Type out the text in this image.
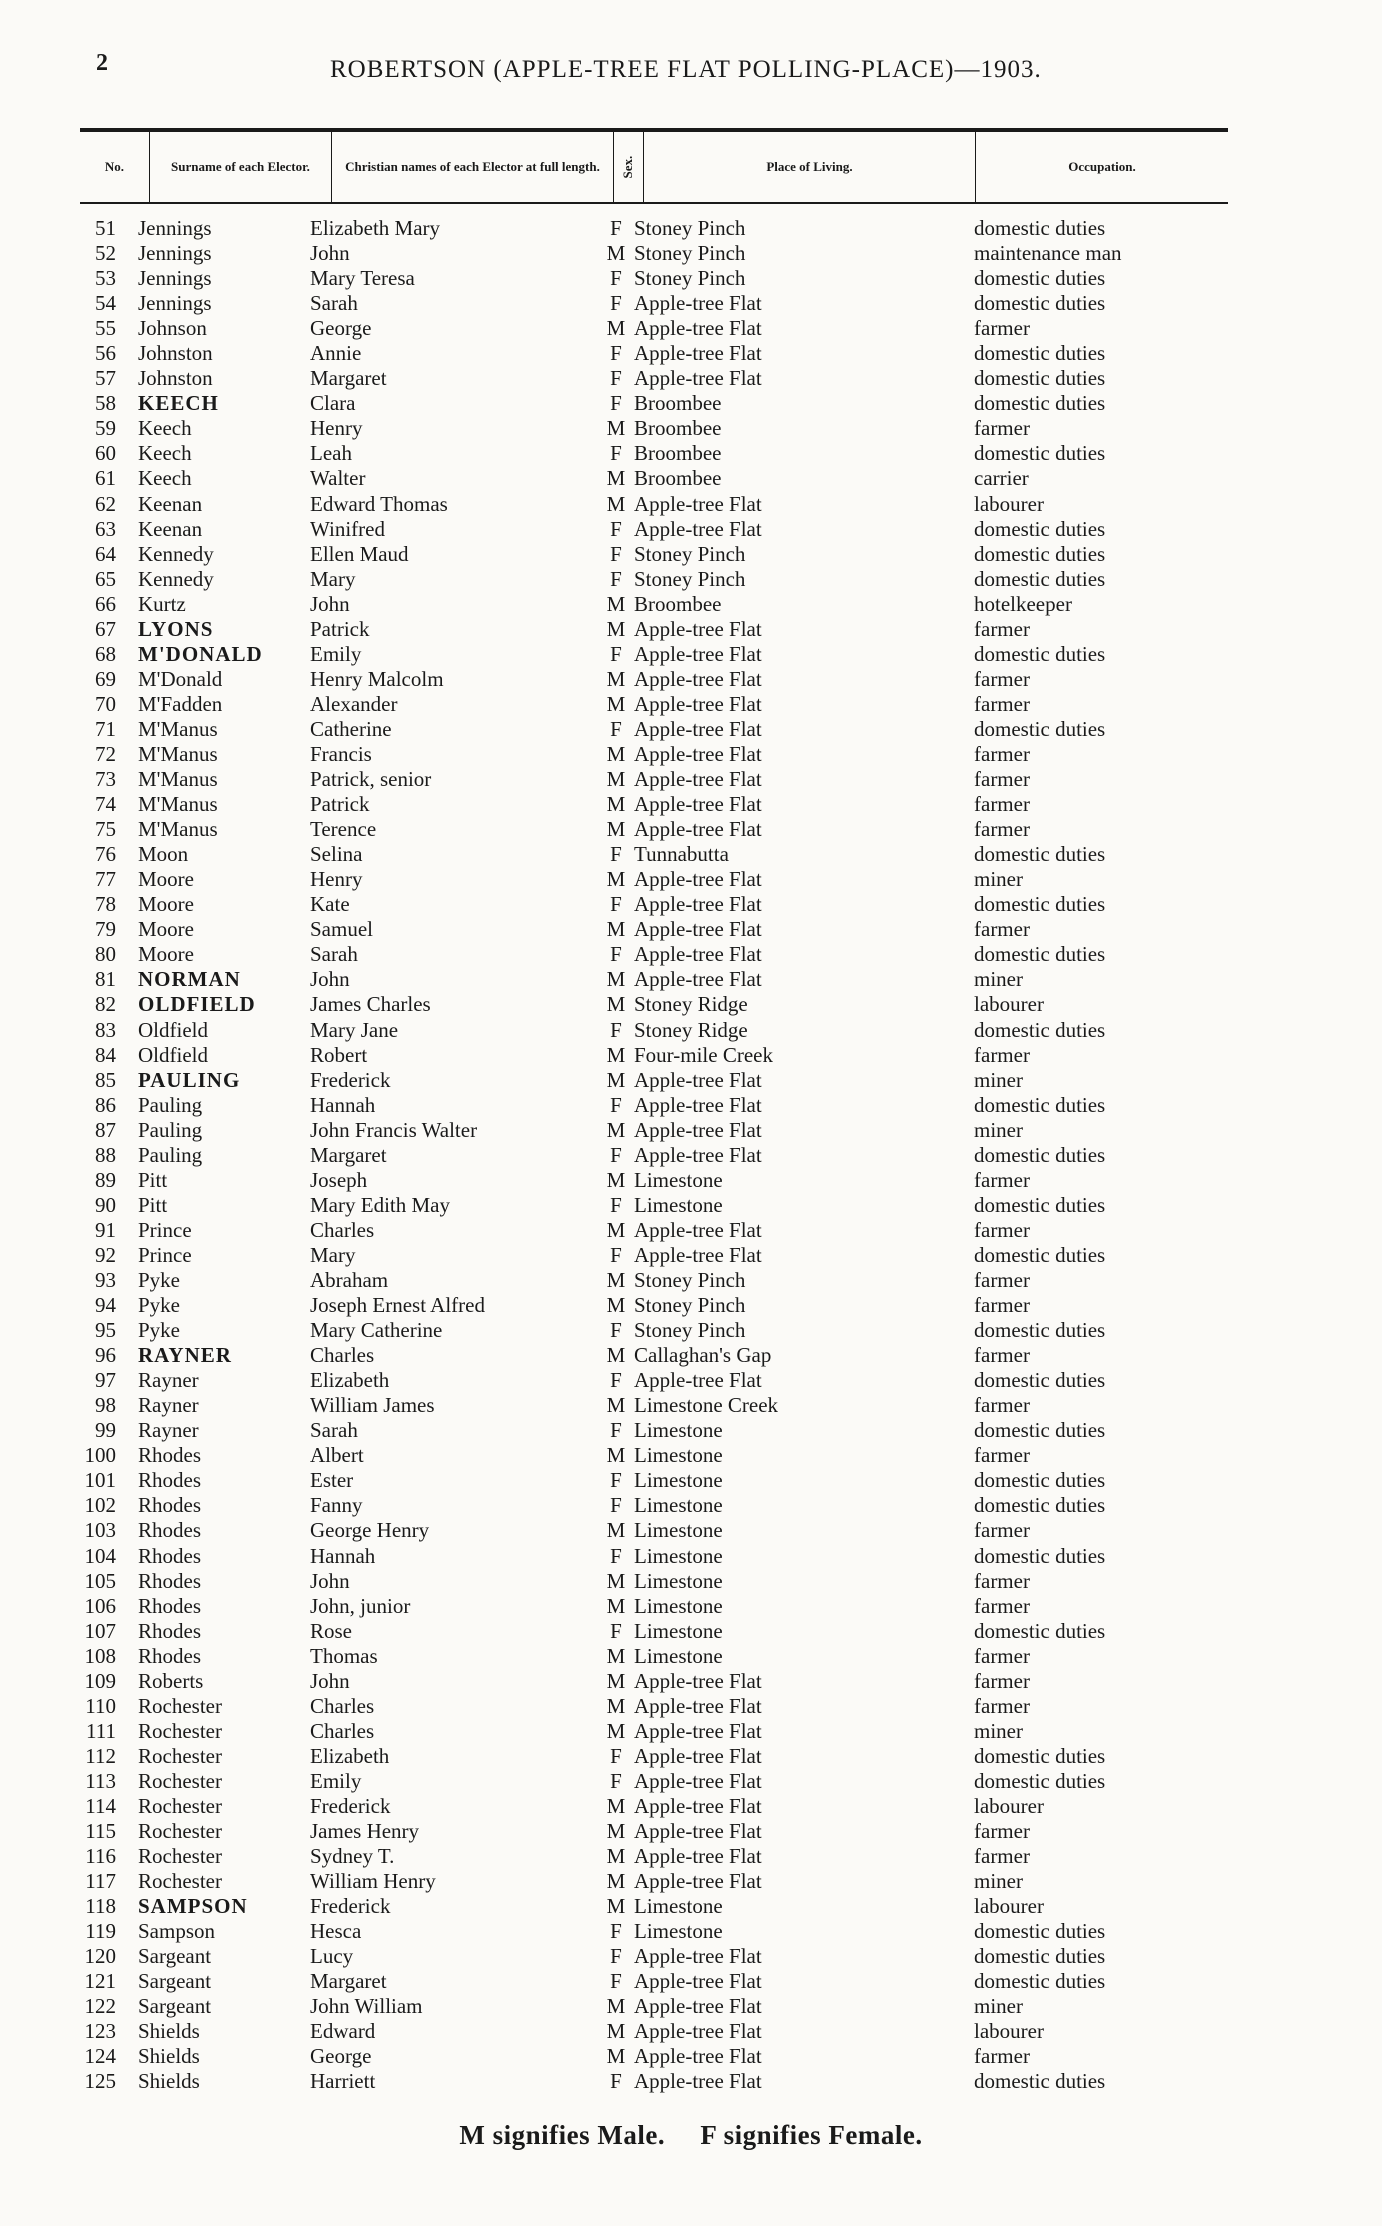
2	ROBERTSON (APPLE-TREE FLAT POLLING-PLACE)—1903.
No.	Surname of each Elector.	Christian names of each Elector at full length.	Sex.	Place of Living.	Occupation.
51	Jennings	Elizabeth Mary	F Stoney Pinch	domestic duties
52	Jennings	John	M Stoney Pinch	maintenance man
53	Jennings	Mary Teresa	F Stoney Pinch	domestic duties
54	Jennings	Sarah	F Apple-tree Flat	domestic duties
55	Johnson	George	M Apple-tree Flat	farmer
56	Johnston	Annie	F Apple-tree Flat	domestic duties
57	Johnston	Margaret	F Apple-tree Flat	domestic duties
58	KEECH	Clara	F Broombee	domestic duties
59	Keech	Henry	M Broombee	farmer
60	Keech	Leah	F Broombee	domestic duties
61	Keech	Walter	M Broombee	carrier
62	Keenan	Edward Thomas	M Apple-tree Flat	labourer
63	Keenan	Winifred	F Apple-tree Flat	domestic duties
64	Kennedy	Ellen Maud	F Stoney Pinch	domestic duties
65	Kennedy	Mary	F Stoney Pinch	domestic duties
66	Kurtz	John	M Broombee	hotelkeeper
67	LYONS	Patrick	M Apple-tree Flat	farmer
68	M'DONALD	Emily	F Apple-tree Flat	domestic duties
69	M'Donald	Henry Malcolm	M Apple-tree Flat	farmer
70	M'Fadden	Alexander	M Apple-tree Flat	farmer
71	M'Manus	Catherine	F Apple-tree Flat	domestic duties
72	M'Manus	Francis	M Apple-tree Flat	farmer
73	M'Manus	Patrick, senior	M Apple-tree Flat	farmer
74	M'Manus	Patrick	M Apple-tree Flat	farmer
75	M'Manus	Terence	M Apple-tree Flat	farmer
76	Moon	Selina	F Tunnabutta	domestic duties
77	Moore	Henry	M Apple-tree Flat	miner
78	Moore	Kate	F Apple-tree Flat	domestic duties
79	Moore	Samuel	M Apple-tree Flat	farmer
80	Moore	Sarah	F Apple-tree Flat	domestic duties
81	NORMAN	John	M Apple-tree Flat	miner
82	OLDFIELD	James Charles	M Stoney Ridge	labourer
83	Oldfield	Mary Jane	F Stoney Ridge	domestic duties
84	Oldfield	Robert	M Four-mile Creek	farmer
85	PAULING	Frederick	M Apple-tree Flat	miner
86	Pauling	Hannah	F Apple-tree Flat	domestic duties
87	Pauling	John Francis Walter	M Apple-tree Flat	miner
88	Pauling	Margaret	F Apple-tree Flat	domestic duties
89	Pitt	Joseph	M Limestone	farmer
90	Pitt	Mary Edith May	F Limestone	domestic duties
91	Prince	Charles	M Apple-tree Flat	farmer
92	Prince	Mary	F Apple-tree Flat	domestic duties
93	Pyke	Abraham	M Stoney Pinch	farmer
94	Pyke	Joseph Ernest Alfred	M Stoney Pinch	farmer
95	Pyke	Mary Catherine	F Stoney Pinch	domestic duties
96	RAYNER	Charles	M Callaghan's Gap	farmer
97	Rayner	Elizabeth	F Apple-tree Flat	domestic duties
98	Rayner	William James	M Limestone Creek	farmer
99	Rayner	Sarah	F Limestone	domestic duties
100	Rhodes	Albert	M Limestone	farmer
101	Rhodes	Ester	F Limestone	domestic duties
102	Rhodes	Fanny	F Limestone	domestic duties
103	Rhodes	George Henry	M Limestone	farmer
104	Rhodes	Hannah	F Limestone	domestic duties
105	Rhodes	John	M Limestone	farmer
106	Rhodes	John, junior	M Limestone	farmer
107	Rhodes	Rose	F Limestone	domestic duties
108	Rhodes	Thomas	M Limestone	farmer
109	Roberts	John	M Apple-tree Flat	farmer
110	Rochester	Charles	M Apple-tree Flat	farmer
111	Rochester	Charles	M Apple-tree Flat	miner
112	Rochester	Elizabeth	F Apple-tree Flat	domestic duties
113	Rochester	Emily	F Apple-tree Flat	domestic duties
114	Rochester	Frederick	M Apple-tree Flat	labourer
115	Rochester	James Henry	M Apple-tree Flat	farmer
116	Rochester	Sydney T.	M Apple-tree Flat	farmer
117	Rochester	William Henry	M Apple-tree Flat	miner
118	SAMPSON	Frederick	M Limestone	labourer
119	Sampson	Hesca	F Limestone	domestic duties
120	Sargeant	Lucy	F Apple-tree Flat	domestic duties
121	Sargeant	Margaret	F Apple-tree Flat	domestic duties
122	Sargeant	John William	M Apple-tree Flat	miner
123	Shields	Edward	M Apple-tree Flat	labourer
124	Shields	George	M Apple-tree Flat	farmer
125	Shields	Harriett	F Apple-tree Flat	domestic duties
M signifies Male. F signifies Female.
